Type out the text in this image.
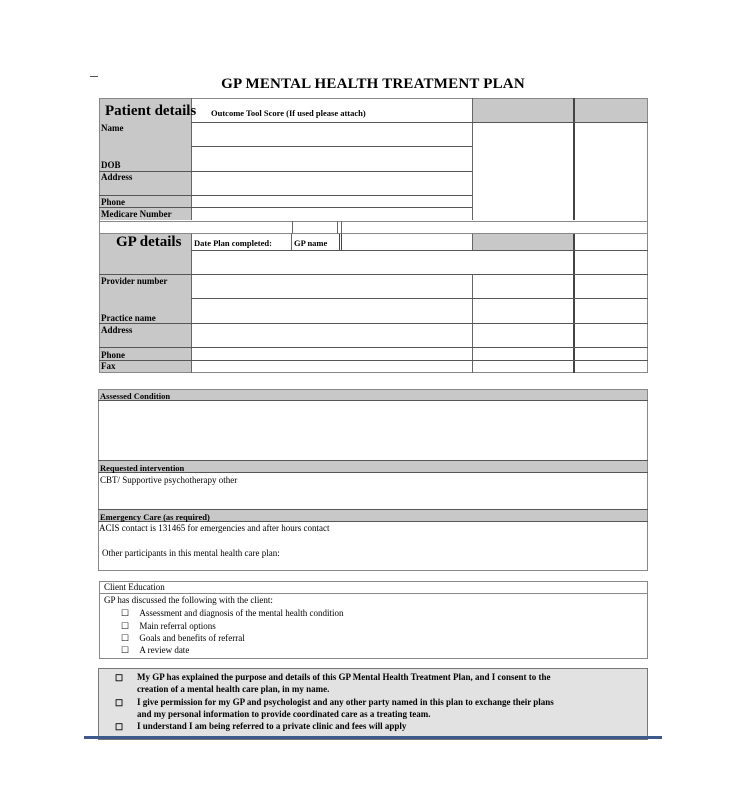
GP MENTAL HEALTH TREATMENT PLAN
Patient details Outcome Tool Score (If used please attach)
Name
DOB
Address
Phone
Medicare Number
GP details Date Plan completed:	GP name
Provider number
Practice name
Address
Phone
Fax
Assessed Condition
Requested intervention
CBT/ Supportive psychotherapy other
Emergency Care (as required)
ACIS contact is 131465 for emergencies and after hours contact
Other participants in this mental health care plan:
Client Education
GP has discussed the following with the client:
☐ Assessment and diagnosis of the mental health condition
☐ Main referral options
☐ Goals and benefits of referral
☐ A review date
☐ My GP has explained the purpose and details of this GP Mental Health Treatment Plan, and I consent to the
creation of a mental health care plan, in my name.
☐ I give permission for my GP and psychologist and any other party named in this plan to exchange their plans
and my personal information to provide coordinated care as a treating team.
☐ I understand I am being referred to a private clinic and fees will apply
